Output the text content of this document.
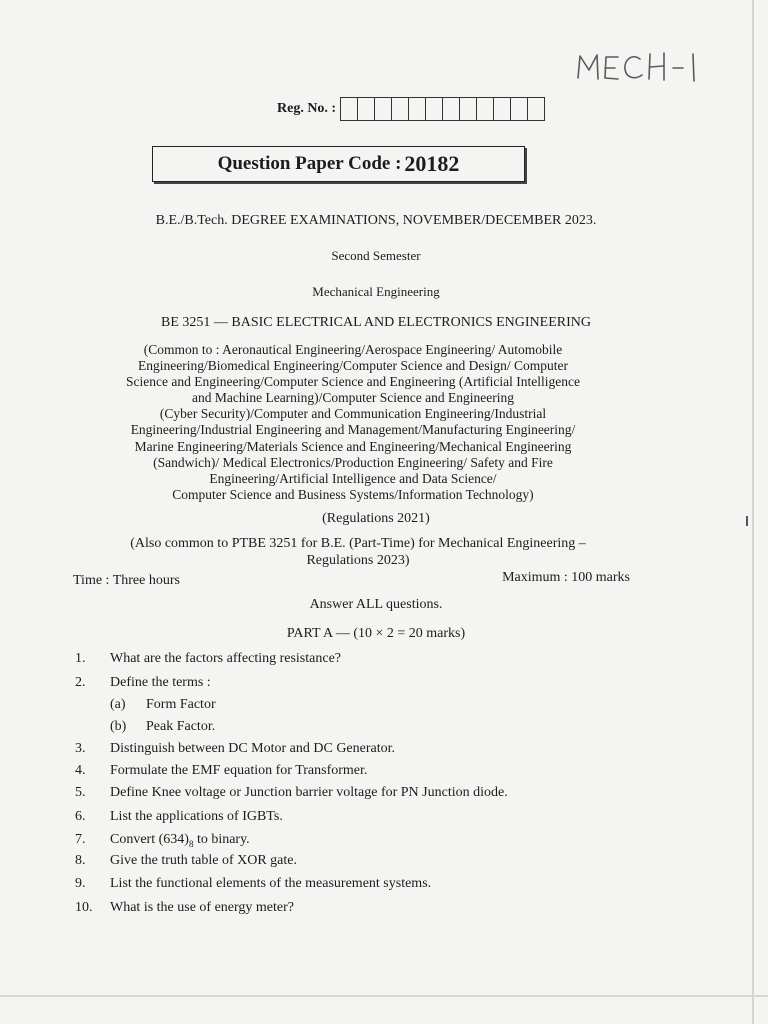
Reg. No. :
Question Paper Code : 20182
B.E./B.Tech. DEGREE EXAMINATIONS, NOVEMBER/DECEMBER 2023.
Second Semester
Mechanical Engineering
BE 3251 — BASIC ELECTRICAL AND ELECTRONICS ENGINEERING
(Common to : Aeronautical Engineering/Aerospace Engineering/ Automobile
Engineering/Biomedical Engineering/Computer Science and Design/ Computer
Science and Engineering/Computer Science and Engineering (Artificial Intelligence
and Machine Learning)/Computer Science and Engineering
(Cyber Security)/Computer and Communication Engineering/Industrial
Engineering/Industrial Engineering and Management/Manufacturing Engineering/
Marine Engineering/Materials Science and Engineering/Mechanical Engineering
(Sandwich)/ Medical Electronics/Production Engineering/ Safety and Fire
Engineering/Artificial Intelligence and Data Science/
Computer Science and Business Systems/Information Technology)
(Regulations 2021)
(Also common to PTBE 3251 for B.E. (Part-Time) for Mechanical Engineering –
Regulations 2023)
Time : Three hours	Maximum : 100 marks
Answer ALL questions.
PART A — (10 × 2 = 20 marks)
1.	What are the factors affecting resistance?
2.	Define the terms :
(a) Form Factor
(b) Peak Factor.
3.	Distinguish between DC Motor and DC Generator.
4.	Formulate the EMF equation for Transformer.
5.	Define Knee voltage or Junction barrier voltage for PN Junction diode.
6.	List the applications of IGBTs.
7.	Convert $(634)_8$ to binary.
8.	Give the truth table of XOR gate.
9.	List the functional elements of the measurement systems.
10. What is the use of energy meter?
